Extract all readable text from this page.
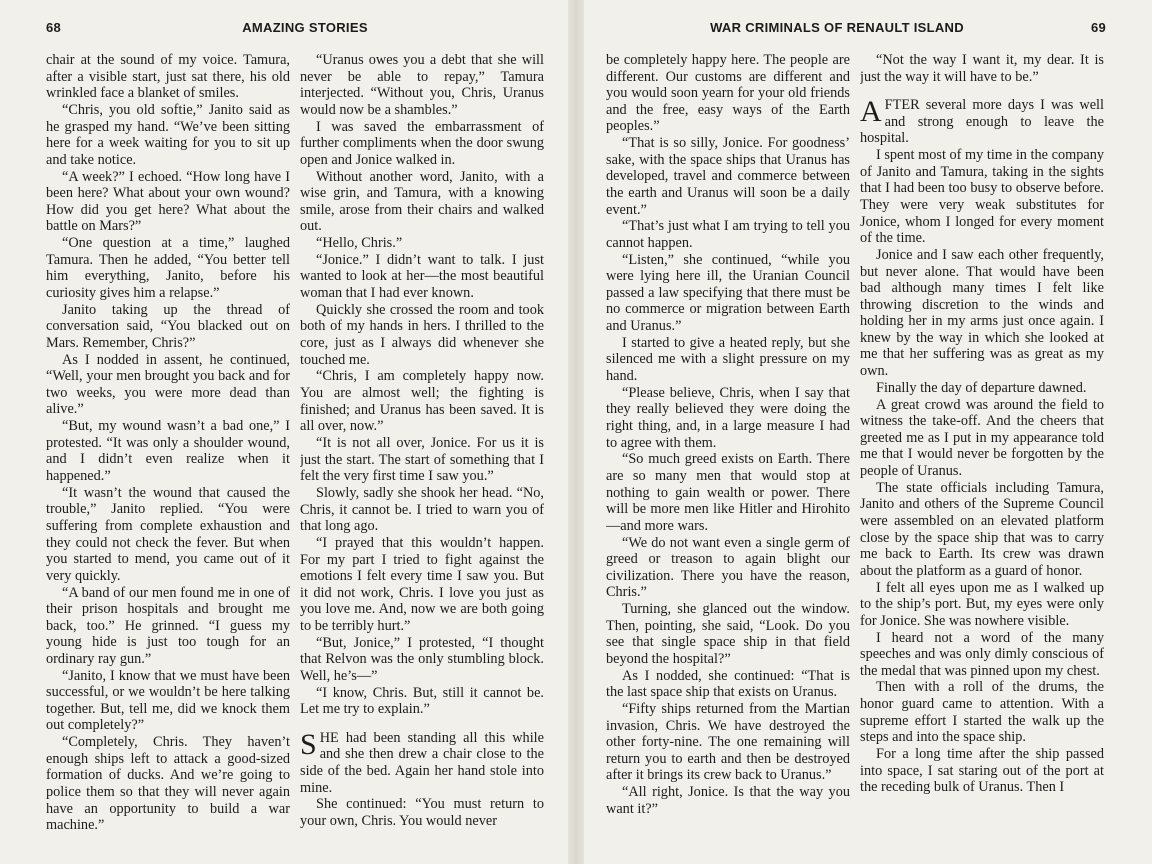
68	AMAZING STORIES

chair at the sound of my voice. Tamura, after a visible start, just sat there, his old wrinkled face a blanket of smiles.

“Chris, you old softie,” Janito said as he grasped my hand. “We’ve been sitting here for a week waiting for you to sit up and take notice.

“A week?” I echoed. “How long have I been here? What about your own wound? How did you get here? What about the battle on Mars?”

“One question at a time,” laughed Tamura. Then he added, “You better tell him everything, Janito, before his curiosity gives him a relapse.”

Janito taking up the thread of conversation said, “You blacked out on Mars. Remember, Chris?”

As I nodded in assent, he continued, “Well, your men brought you back and for two weeks, you were more dead than alive.”

“But, my wound wasn’t a bad one,” I protested. “It was only a shoulder wound, and I didn’t even realize when it happened.”

“It wasn’t the wound that caused the trouble,” Janito replied. “You were suffering from complete exhaustion and they could not check the fever. But when you started to mend, you came out of it very quickly.

“A band of our men found me in one of their prison hospitals and brought me back, too.” He grinned. “I guess my young hide is just too tough for an ordinary ray gun.”

“Janito, I know that we must have been successful, or we wouldn’t be here talking together. But, tell me, did we knock them out completely?”

“Completely, Chris. They haven’t enough ships left to attack a good-sized formation of ducks. And we’re going to police them so that they will never again have an opportunity to build a war machine.”

“Uranus owes you a debt that she will never be able to repay,” Tamura interjected. “Without you, Chris, Uranus would now be a shambles.”

I was saved the embarrassment of further compliments when the door swung open and Jonice walked in.

Without another word, Janito, with a wise grin, and Tamura, with a knowing smile, arose from their chairs and walked out.

“Hello, Chris.”

“Jonice.” I didn’t want to talk. I just wanted to look at her—the most beautiful woman that I had ever known.

Quickly she crossed the room and took both of my hands in hers. I thrilled to the core, just as I always did whenever she touched me.

“Chris, I am completely happy now. You are almost well; the fighting is finished; and Uranus has been saved. It is all over, now.”

“It is not all over, Jonice. For us it is just the start. The start of something that I felt the very first time I saw you.”

Slowly, sadly she shook her head. “No, Chris, it cannot be. I tried to warn you of that long ago.

“I prayed that this wouldn’t happen. For my part I tried to fight against the emotions I felt every time I saw you. But it did not work, Chris. I love you just as you love me. And, now we are both going to be terribly hurt.”

“But, Jonice,” I protested, “I thought that Relvon was the only stumbling block. Well, he’s—”

“I know, Chris. But, still it cannot be. Let me try to explain.”

SHE had been standing all this while and she then drew a chair close to the side of the bed. Again her hand stole into mine.

She continued: “You must return to your own, Chris. You would never

WAR CRIMINALS OF RENAULT ISLAND	69

be completely happy here. The people are different. Our customs are different and you would soon yearn for your old friends and the free, easy ways of the Earth peoples.”

“That is so silly, Jonice. For goodness’ sake, with the space ships that Uranus has developed, travel and commerce between the earth and Uranus will soon be a daily event.”

“That’s just what I am trying to tell you cannot happen.

“Listen,” she continued, “while you were lying here ill, the Uranian Council passed a law specifying that there must be no commerce or migration between Earth and Uranus.”

I started to give a heated reply, but she silenced me with a slight pressure on my hand.

“Please believe, Chris, when I say that they really believed they were doing the right thing, and, in a large measure I had to agree with them.

“So much greed exists on Earth. There are so many men that would stop at nothing to gain wealth or power. There will be more men like Hitler and Hirohito—and more wars.

“We do not want even a single germ of greed or treason to again blight our civilization. There you have the reason, Chris.”

Turning, she glanced out the window. Then, pointing, she said, “Look. Do you see that single space ship in that field beyond the hospital?”

As I nodded, she continued: “That is the last space ship that exists on Uranus.

“Fifty ships returned from the Martian invasion, Chris. We have destroyed the other forty-nine. The one remaining will return you to earth and then be destroyed after it brings its crew back to Uranus.”

“All right, Jonice. Is that the way you want it?”

“Not the way I want it, my dear. It is just the way it will have to be.”

AFTER several more days I was well and strong enough to leave the hospital.

I spent most of my time in the company of Janito and Tamura, taking in the sights that I had been too busy to observe before. They were very weak substitutes for Jonice, whom I longed for every moment of the time.

Jonice and I saw each other frequently, but never alone. That would have been bad although many times I felt like throwing discretion to the winds and holding her in my arms just once again. I knew by the way in which she looked at me that her suffering was as great as my own.

Finally the day of departure dawned.

A great crowd was around the field to witness the take-off. And the cheers that greeted me as I put in my appearance told me that I would never be forgotten by the people of Uranus.

The state officials including Tamura, Janito and others of the Supreme Council were assembled on an elevated platform close by the space ship that was to carry me back to Earth. Its crew was drawn about the platform as a guard of honor.

I felt all eyes upon me as I walked up to the ship’s port. But, my eyes were only for Jonice. She was nowhere visible.

I heard not a word of the many speeches and was only dimly conscious of the medal that was pinned upon my chest.

Then with a roll of the drums, the honor guard came to attention. With a supreme effort I started the walk up the steps and into the space ship.

For a long time after the ship passed into space, I sat staring out of the port at the receding bulk of Uranus. Then I
